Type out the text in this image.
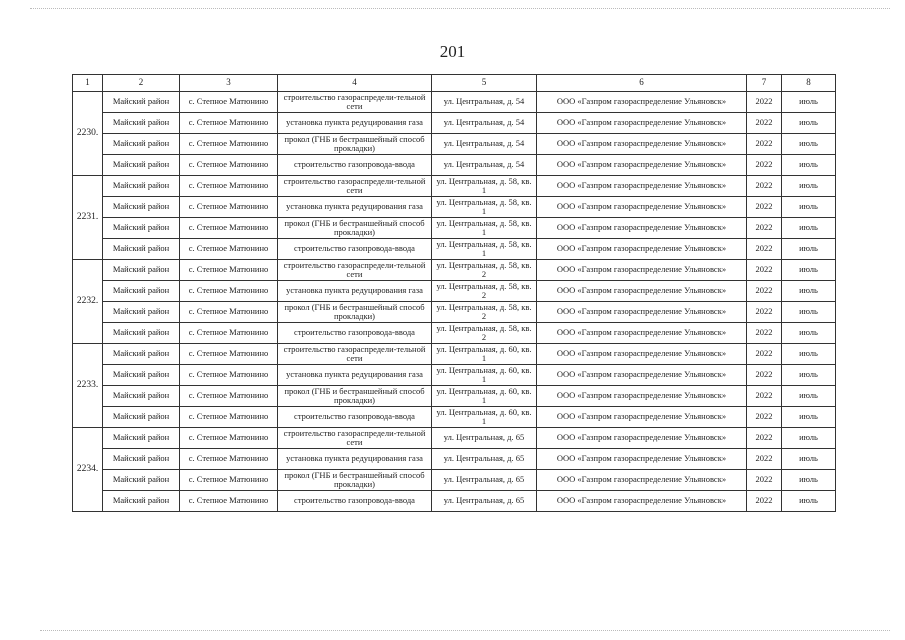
201
1	2	3	4	5	6	7	8
2230.	Майский район	с. Степное Матюнино	строительство газораспредели-тельной сети	ул. Центральная, д. 54	ООО «Газпром газораспределение Ульяновск»	2022	июль
	Майский район	с. Степное Матюнино	установка пункта редуцирования газа	ул. Центральная, д. 54	ООО «Газпром газораспределение Ульяновск»	2022	июль
	Майский район	с. Степное Матюнино	прокол (ГНБ и бестраншейный способ прокладки)	ул. Центральная, д. 54	ООО «Газпром газораспределение Ульяновск»	2022	июль
	Майский район	с. Степное Матюнино	строительство газопровода-ввода	ул. Центральная, д. 54	ООО «Газпром газораспределение Ульяновск»	2022	июль
2231.	Майский район	с. Степное Матюнино	строительство газораспредели-тельной сети	ул. Центральная, д. 58, кв. 1	ООО «Газпром газораспределение Ульяновск»	2022	июль
	Майский район	с. Степное Матюнино	установка пункта редуцирования газа	ул. Центральная, д. 58, кв. 1	ООО «Газпром газораспределение Ульяновск»	2022	июль
	Майский район	с. Степное Матюнино	прокол (ГНБ и бестраншейный способ прокладки)	ул. Центральная, д. 58, кв. 1	ООО «Газпром газораспределение Ульяновск»	2022	июль
	Майский район	с. Степное Матюнино	строительство газопровода-ввода	ул. Центральная, д. 58, кв. 1	ООО «Газпром газораспределение Ульяновск»	2022	июль
2232.	Майский район	с. Степное Матюнино	строительство газораспредели-тельной сети	ул. Центральная, д. 58, кв. 2	ООО «Газпром газораспределение Ульяновск»	2022	июль
	Майский район	с. Степное Матюнино	установка пункта редуцирования газа	ул. Центральная, д. 58, кв. 2	ООО «Газпром газораспределение Ульяновск»	2022	июль
	Майский район	с. Степное Матюнино	прокол (ГНБ и бестраншейный способ прокладки)	ул. Центральная, д. 58, кв. 2	ООО «Газпром газораспределение Ульяновск»	2022	июль
	Майский район	с. Степное Матюнино	строительство газопровода-ввода	ул. Центральная, д. 58, кв. 2	ООО «Газпром газораспределение Ульяновск»	2022	июль
2233.	Майский район	с. Степное Матюнино	строительство газораспредели-тельной сети	ул. Центральная, д. 60, кв. 1	ООО «Газпром газораспределение Ульяновск»	2022	июль
	Майский район	с. Степное Матюнино	установка пункта редуцирования газа	ул. Центральная, д. 60, кв. 1	ООО «Газпром газораспределение Ульяновск»	2022	июль
	Майский район	с. Степное Матюнино	прокол (ГНБ и бестраншейный способ прокладки)	ул. Центральная, д. 60, кв. 1	ООО «Газпром газораспределение Ульяновск»	2022	июль
	Майский район	с. Степное Матюнино	строительство газопровода-ввода	ул. Центральная, д. 60, кв. 1	ООО «Газпром газораспределение Ульяновск»	2022	июль
2234.	Майский район	с. Степное Матюнино	строительство газораспредели-тельной сети	ул. Центральная, д. 65	ООО «Газпром газораспределение Ульяновск»	2022	июль
	Майский район	с. Степное Матюнино	установка пункта редуцирования газа	ул. Центральная, д. 65	ООО «Газпром газораспределение Ульяновск»	2022	июль
	Майский район	с. Степное Матюнино	прокол (ГНБ и бестраншейный способ прокладки)	ул. Центральная, д. 65	ООО «Газпром газораспределение Ульяновск»	2022	июль
	Майский район	с. Степное Матюнино	строительство газопровода-ввода	ул. Центральная, д. 65	ООО «Газпром газораспределение Ульяновск»	2022	июль
